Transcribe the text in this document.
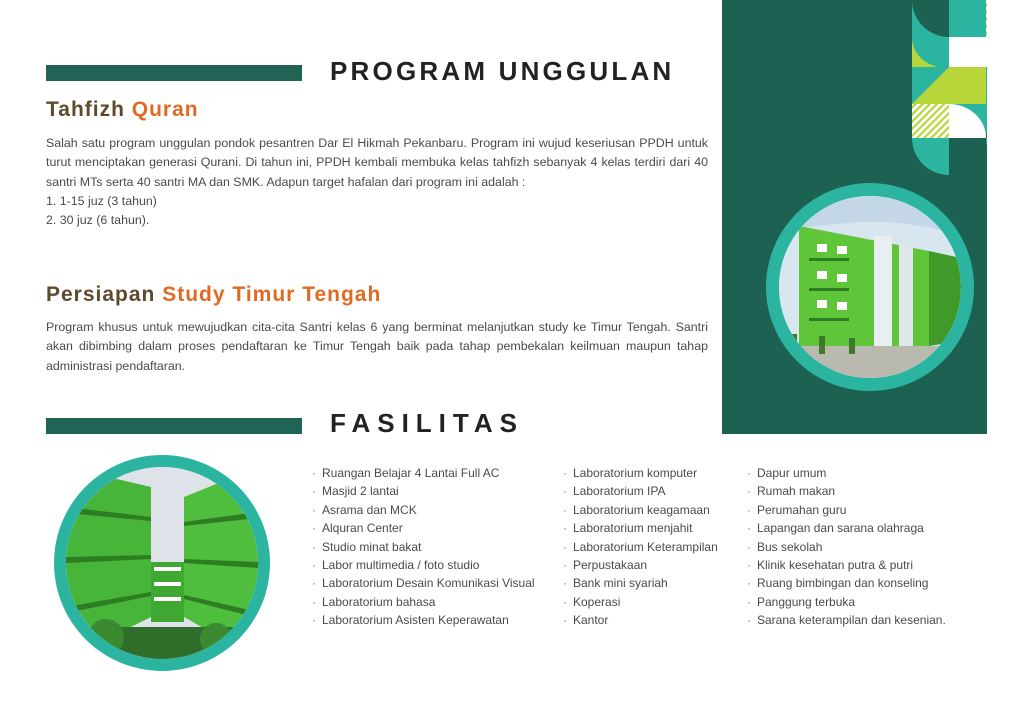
PROGRAM UNGGULAN
Tahfizh Quran
Salah satu program unggulan pondok pesantren Dar El Hikmah Pekanbaru. Program ini wujud keseriusan PPDH untuk turut menciptakan generasi Qurani. Di tahun ini, PPDH kembali membuka kelas tahfizh sebanyak 4 kelas terdiri dari 40 santri MTs serta 40 santri MA dan SMK. Adapun target hafalan dari program ini adalah :
1. 1-15 juz (3 tahun)
2. 30 juz (6 tahun).
Persiapan Study Timur Tengah
Program khusus untuk mewujudkan cita-cita Santri kelas 6 yang berminat melanjutkan study ke Timur Tengah. Santri akan dibimbing dalam proses pendaftaran ke Timur Tengah baik pada tahap pembekalan keilmuan maupun tahap administrasi pendaftaran.
FASILITAS
· Ruangan Belajar 4 Lantai Full AC
· Masjid 2 lantai
· Asrama dan MCK
· Alquran Center
· Studio minat bakat
· Labor multimedia / foto studio
· Laboratorium Desain Komunikasi Visual
· Laboratorium bahasa
· Laboratorium Asisten Keperawatan
· Laboratorium komputer
· Laboratorium IPA
· Laboratorium keagamaan
· Laboratorium menjahit
· Laboratorium Keterampilan
· Perpustakaan
· Bank mini syariah
· Koperasi
· Kantor
· Dapur umum
· Rumah makan
· Perumahan guru
· Lapangan dan sarana olahraga
· Bus sekolah
· Klinik kesehatan putra & putri
· Ruang bimbingan dan konseling
· Panggung terbuka
· Sarana keterampilan dan kesenian.
